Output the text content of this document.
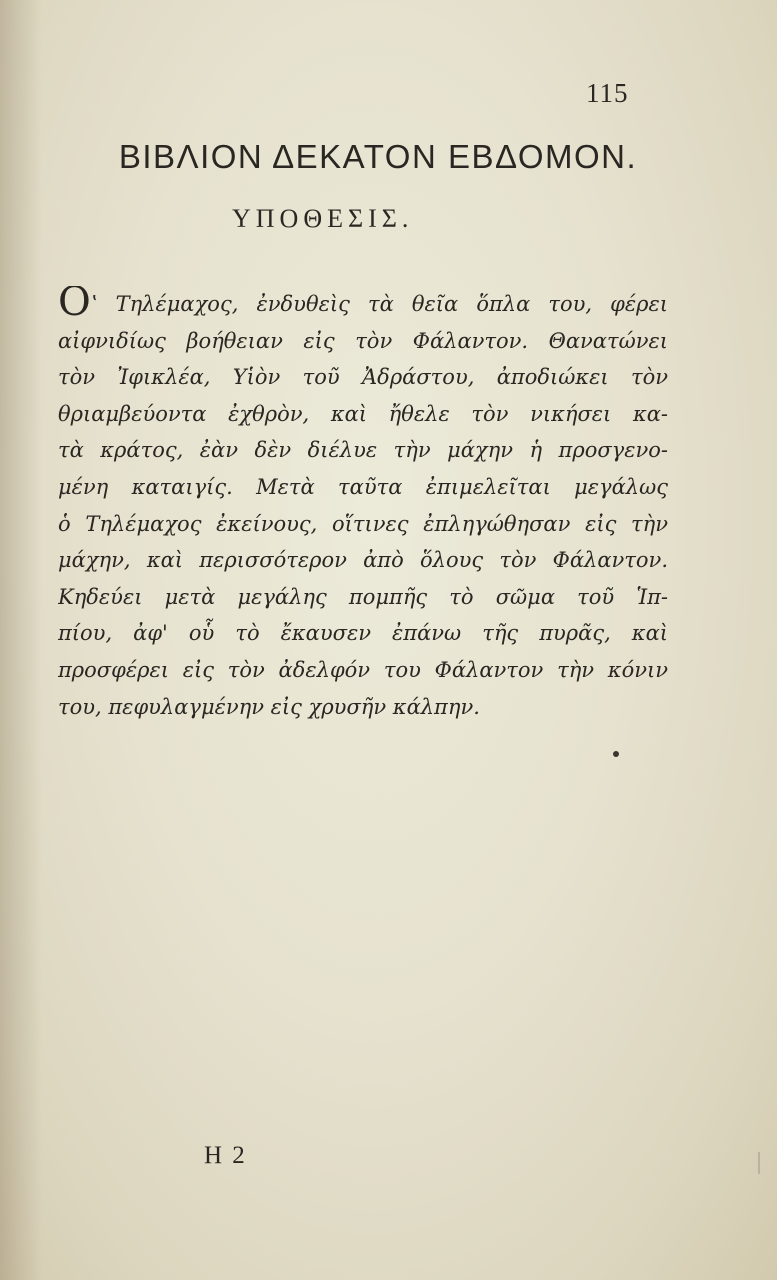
115
ΒΙΒΛΙΟΝ ΔΕΚΑΤΟΝ ΕΒΔΟΜΟΝ.
ΥΠΟΘΕΣΙΣ.
Οʽ Τηλέμαχος, ἐνδυθεὶς τὰ θεῖα ὅπλα του, φέρει
αἰφνιδίως βοήθειαν εἰς τὸν Φάλαντον. Θανατώνει
τὸν Ἰφικλέα, Υἱὸν τοῦ Ἀδράστου, ἀποδιώκει τὸν
θριαμβεύοντα ἐχθρὸν, καὶ ἤθελε τὸν νικήσει κα-
τὰ κράτος, ἐὰν δὲν διέλυε τὴν μάχην ἡ προσγενο-
μένη καταιγίς. Μετὰ ταῦτα ἐπιμελεῖται μεγάλως
ὁ Τηλέμαχος ἐκείνους, οἵτινες ἐπληγώθησαν εἰς τὴν
μάχην, καὶ περισσότερον ἀπὸ ὅλους τὸν Φάλαντον.
Κηδεύει μετὰ μεγάλης πομπῆς τὸ σῶμα τοῦ Ἱπ-
πίου, ἀφ' οὗ τὸ ἔκαυσεν ἐπάνω τῆς πυρᾶς, καὶ
προσφέρει εἰς τὸν ἀδελφόν του Φάλαντον τὴν κόνιν
του, πεφυλαγμένην εἰς χρυσῆν κάλπην.
Η 2
